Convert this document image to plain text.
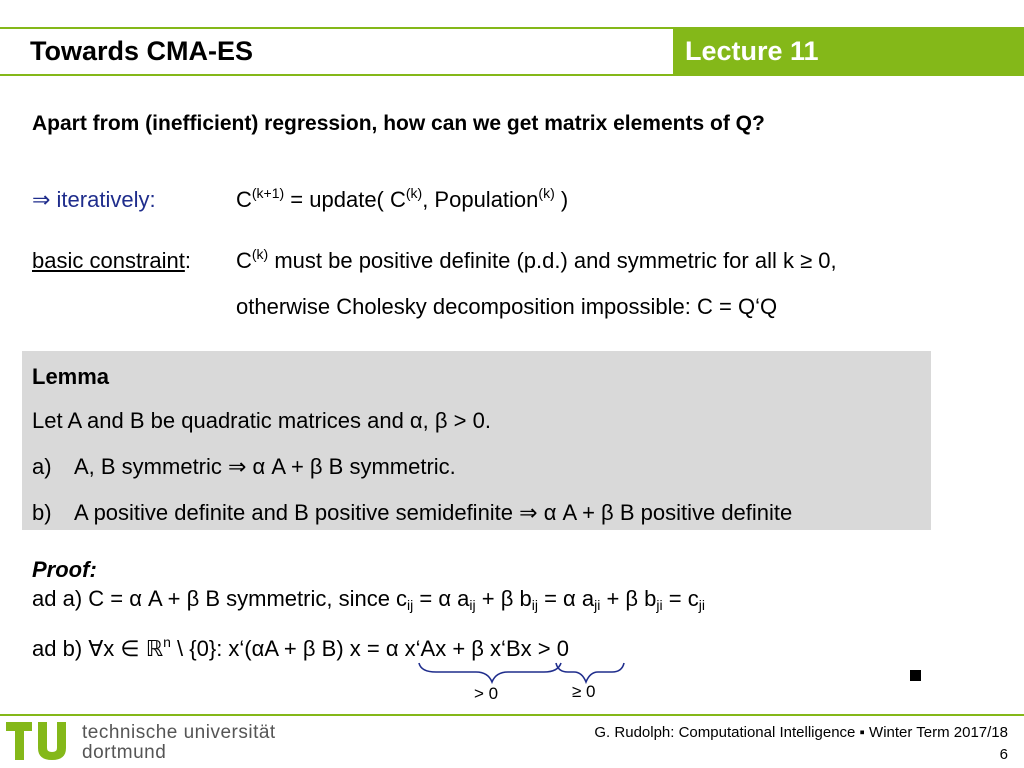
Towards CMA-ES	Lecture 11
Apart from (inefficient) regression, how can we get matrix elements of Q?
⇒ iteratively:	$C^{(k+1)}$ = update( $C^{(k)}$, Population$^{(k)}$ )
basic constraint: $C^{(k)}$ must be positive definite (p.d.) and symmetric for all k ≥ 0,
otherwise Cholesky decomposition impossible: C = Q‘Q
Lemma
Let A and B be quadratic matrices and α, β > 0.
a) A, B symmetric ⇒ α A + β B symmetric.
b) A positive definite and B positive semidefinite ⇒ α A + β B positive definite
Proof:
ad a) C = α A + β B symmetric, since $c_{ij} = \alpha$ $a_{ij} + \beta$ $b_{ij} = \alpha$ $a_{ji} + \beta$ $b_{ji} = c_{ji}$
ad b) ∀x ∈ ℝ$^n$ \ {0}: x‘(αA + β B) x = α x‘Ax + β x‘Bx > 0
> 0	≥ 0
technische universität
dortmund
G. Rudolph: Computational Intelligence ▪ Winter Term 2017/18
6
